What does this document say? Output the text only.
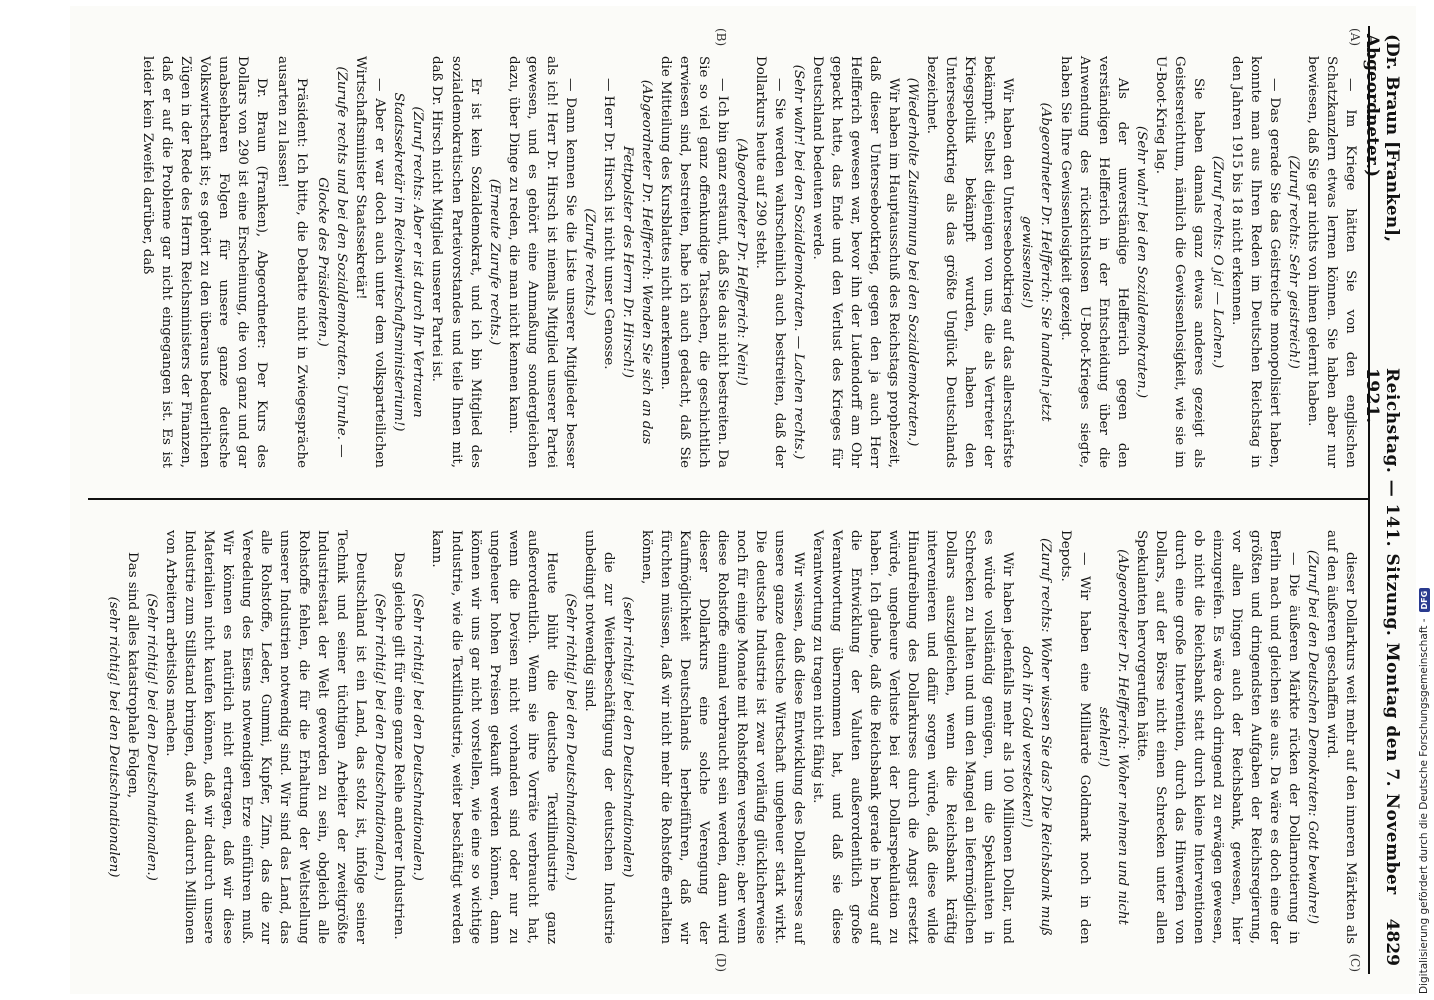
(Dr. Braun [Franken], Abgeordneter.)
Reichstag. — 141. Sitzung. Montag den 7. November 1921.
4829

— Im Kriege hätten Sie von den englischen Schatzkanzlern etwas lernen können. Sie haben aber nur bewiesen, daß Sie gar nichts von ihnen gelernt haben.

(Zuruf rechts: Sehr geistreich!)

— Das gerade Sie das Geistreiche monopolisiert haben, konnte man aus Ihren Reden im Deutschen Reichstag in den Jahren 1915 bis 18 nicht erkennen.

(Zuruf rechts: O ja! — Lachen.)

Sie haben damals ganz etwas anderes gezeigt als Geistesreichtum, nämlich die Gewissenlosigkeit, wie sie im U-Boot-Krieg lag.

(Sehr wahr! bei den Sozialdemokraten.)

Als der unverständige Helfferich gegen den verständigen Helfferich in der Entscheidung über die Anwendung des rücksichtslosen U-Boot-Krieges siegte, haben Sie Ihre Gewissenlosigkeit gezeigt.

(Abgeordneter Dr. Helfferich: Sie handeln jetzt gewissenlos!)

Wir haben den Unterseebootkrieg auf das allerschärfste bekämpft. Selbst diejenigen von uns, die als Vertreter der Kriegspolitik bekämpft wurden, haben den Unterseebootkrieg als das größte Unglück Deutschlands bezeichnet.

(Wiederholte Zustimmung bei den Sozialdemokraten.)

Wir haben im Hauptausschuß des Reichstags prophezeit, daß dieser Unterseebootkrieg, gegen den ja auch Herr Helfferich gewesen war, bevor ihn der Ludendorff am Ohr gepackt hatte, das Ende und den Verlust des Krieges für Deutschland bedeuten werde.

(Sehr wahr! bei den Sozialdemokraten. — Lachen rechts.)

— Sie werden wahrscheinlich auch bestreiten, daß der Dollarkurs heute auf 290 steht.

(Abgeordneter Dr. Helfferich: Nein!)

— Ich bin ganz erstaunt, daß Sie das nicht bestreiten. Da Sie so viel ganz offenkundige Tatsachen, die geschichtlich erwiesen sind, bestreiten, habe ich auch gedacht, daß Sie die Mitteilung des Kursblattes nicht anerkennen.

(Abgeordneter Dr. Helfferich: Wenden Sie sich an das Fettpolster des Herrn Dr. Hirsch!)

— Herr Dr. Hirsch ist nicht unser Genosse.

(Zurufe rechts.)

— Dann kennen Sie die Liste unserer Mitglieder besser als ich! Herr Dr. Hirsch ist niemals Mitglied unserer Partei gewesen, und es gehört eine Anmaßung sondergleichen dazu, über Dinge zu reden, die man nicht kennen kann.

(Erneute Zurufe rechts.)

Er ist kein Sozialdemokrat, und ich bin Mitglied des sozialdemokratischen Parteivorstandes und teile Ihnen mit, daß Dr. Hirsch nicht Mitglied unserer Partei ist.

(Zuruf rechts: Aber er ist durch Ihr Vertrauen Staatssekretär im Reichswirtschaftsministerium!)

— Aber er war doch auch unter dem volksparteilichen Wirtschaftsminister Staatssekretär!

(Zurufe rechts und bei den Sozialdemokraten. Unruhe. — Glocke des Präsidenten.)

Präsident: Ich bitte, die Debatte nicht in Zwiegespräche ausarten zu lassen!

Dr. Braun (Franken), Abgeordneter: Der Kurs des Dollars von 290 ist eine Erscheinung, die von ganz und gar unabsehbaren Folgen für unsere ganze deutsche Volkswirtschaft ist; es gehört zu den überaus bedauerlichen Zügen in der Rede des Herrn Reichsministers der Finanzen, daß er auf die Probleme gar nicht eingegangen ist. Es ist leider kein Zweifel darüber, daß

dieser Dollarkurs weit mehr auf den inneren Märkten als auf den äußeren geschaffen wird.

(Zuruf bei den Deutschen Demokraten: Gott bewahre!)

— Die äußeren Märkte rücken der Dollarnotierung in Berlin nach und gleichen sie aus. Da wäre es doch eine der größten und dringendsten Aufgaben der Reichsregierung, vor allen Dingen auch der Reichsbank, gewesen, hier einzugreifen. Es wäre doch dringend zu erwägen gewesen, ob nicht die Reichsbank statt durch kleine Interventionen durch eine große Intervention, durch das Hinwerfen von Dollars, auf der Börse nicht einen Schrecken unter allen Spekulanten hervorgerufen hätte.

(Abgeordneter Dr. Helfferich: Woher nehmen und nicht stehlen!)

— Wir haben eine Milliarde Goldmark noch in den Depots.

(Zuruf rechts: Woher wissen Sie das? Die Reichsbank muß doch ihr Gold verstecken!)

Wir haben jedenfalls mehr als 100 Millionen Dollar, und es würde vollständig genügen, um die Spekulanten in Schrecken zu halten und um den Mangel an liefermöglichen Dollars auszugleichen, wenn die Reichsbank kräftig intervenieren und dafür sorgen würde, daß diese wilde Hinaufreibung des Dollarkurses durch die Angst ersetzt würde, ungeheure Verluste bei der Dollarspekulation zu haben. Ich glaube, daß die Reichsbank gerade in bezug auf die Entwicklung der Valuten außerordentlich große Verantwortung übernommen hat, und daß sie diese Verantwortung zu tragen nicht fähig ist.

Wir wissen, daß diese Entwicklung des Dollarkurses auf unsere ganze deutsche Wirtschaft ungeheuer stark wirkt. Die deutsche Industrie ist zwar vorläufig glücklicherweise noch für einige Monate mit Rohstoffen versehen; aber wenn diese Rohstoffe einmal verbraucht sein werden, dann wird dieser Dollarkurs eine solche Verengung der Kaufmöglichkeit Deutschlands herbeiführen, daß wir fürchten müssen, daß wir nicht mehr die Rohstoffe erhalten können,

(sehr richtig! bei den Deutschnationalen)

die zur Weiterbeschäftigung der deutschen Industrie unbedingt notwendig sind.

(Sehr richtig! bei den Deutschnationalen.)

Heute blüht die deutsche Textilindustrie ganz außerordentlich. Wenn sie ihre Vorräte verbraucht hat, wenn die Devisen nicht vorhanden sind oder nur zu ungeheuer hohen Preisen gekauft werden können, dann können wir uns gar nicht vorstellen, wie eine so wichtige Industrie, wie die Textilindustrie, weiter beschäftigt werden kann.

(Sehr richtig! bei den Deutschnationalen.)

Das gleiche gilt für eine ganze Reihe anderer Industrien.

(Sehr richtig! bei den Deutschnationalen.)

Deutschland ist ein Land, das stolz ist, infolge seiner Technik und seiner tüchtigen Arbeiter der zweitgrößte Industriestaat der Welt geworden zu sein, obgleich alle Rohstoffe fehlen, die für die Erhaltung der Weltstellung unserer Industrien notwendig sind. Wir sind das Land, das alle Rohstoffe, Leder, Gummi, Kupfer, Zinn, das die zur Veredelung des Eisens notwendigen Erze einführen muß. Wir können es natürlich nicht ertragen, daß wir diese Materialien nicht kaufen können, daß wir dadurch unsere Industrie zum Stillstand bringen, daß wir dadurch Millionen von Arbeitern arbeitslos machen.

(Sehr richtig! bei den Deutschnationalen.)

Das sind alles katastrophale Folgen,

(sehr richtig! bei den Deutschnationalen)

(A)
(B)
(C)
(D)	Digitalisierung gefördert durch die Deutsche Forschungsgemeinschaft -
DFG
